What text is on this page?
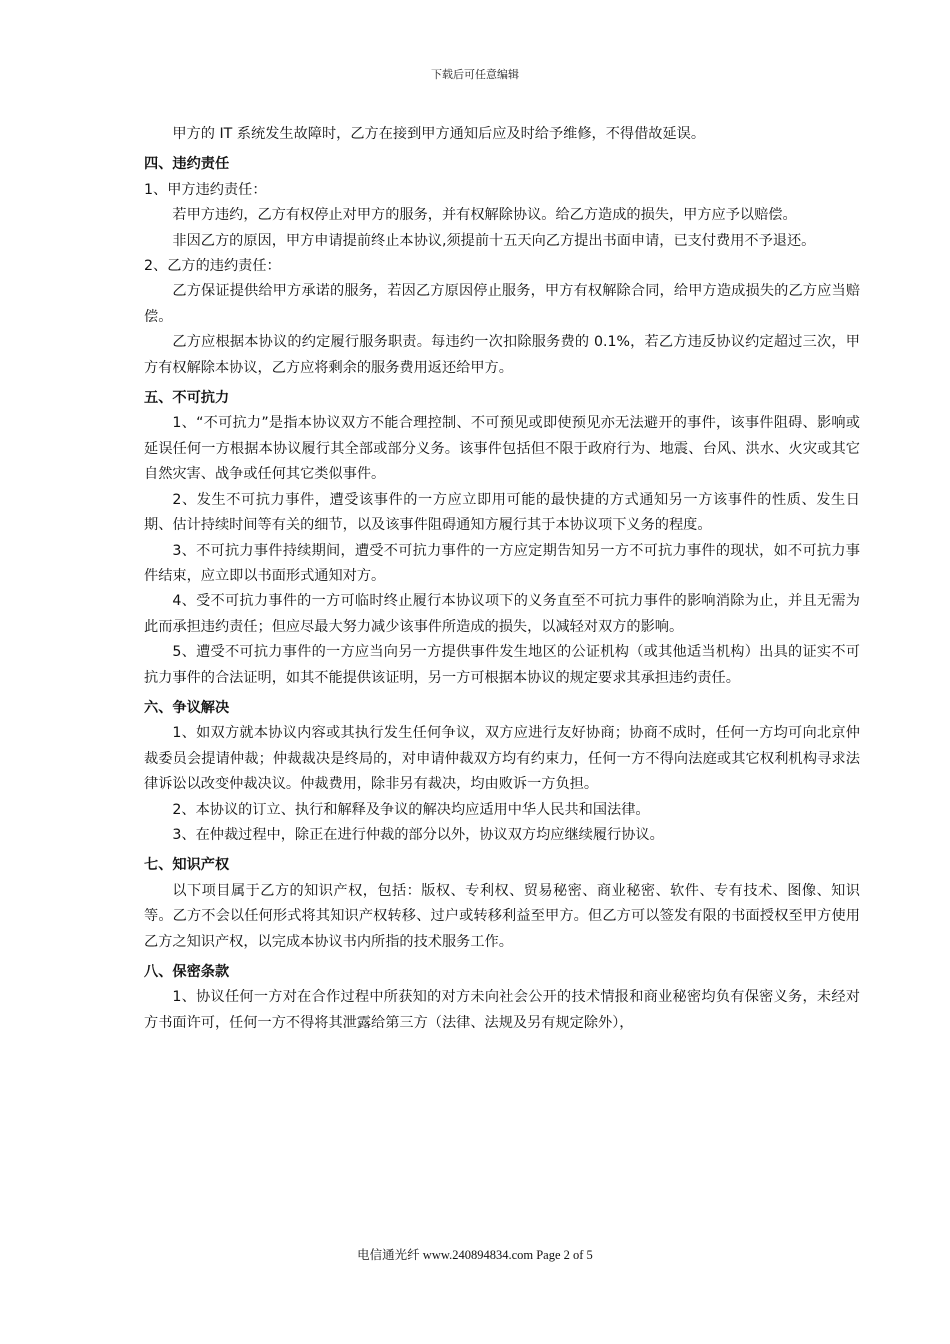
下载后可任意编辑

甲方的 IT 系统发生故障时，乙方在接到甲方通知后应及时给予维修，不得借故延误。

四、违约责任

1、甲方违约责任：

若甲方违约，乙方有权停止对甲方的服务，并有权解除协议。给乙方造成的损失，甲方应予以赔偿。

非因乙方的原因，甲方申请提前终止本协议,须提前十五天向乙方提出书面申请，已支付费用不予退还。

2、乙方的违约责任：

乙方保证提供给甲方承诺的服务，若因乙方原因停止服务，甲方有权解除合同，给甲方造成损失的乙方应当赔偿。

乙方应根据本协议的约定履行服务职责。每违约一次扣除服务费的 0.1%，若乙方违反协议约定超过三次，甲方有权解除本协议，乙方应将剩余的服务费用返还给甲方。

五、不可抗力

1、“不可抗力”是指本协议双方不能合理控制、不可预见或即使预见亦无法避开的事件，该事件阻碍、影响或延误任何一方根据本协议履行其全部或部分义务。该事件包括但不限于政府行为、地震、台风、洪水、火灾或其它自然灾害、战争或任何其它类似事件。

2、发生不可抗力事件，遭受该事件的一方应立即用可能的最快捷的方式通知另一方该事件的性质、发生日期、估计持续时间等有关的细节，以及该事件阻碍通知方履行其于本协议项下义务的程度。

3、不可抗力事件持续期间，遭受不可抗力事件的一方应定期告知另一方不可抗力事件的现状，如不可抗力事件结束，应立即以书面形式通知对方。

4、受不可抗力事件的一方可临时终止履行本协议项下的义务直至不可抗力事件的影响消除为止，并且无需为此而承担违约责任；但应尽最大努力减少该事件所造成的损失，以减轻对双方的影响。

5、遭受不可抗力事件的一方应当向另一方提供事件发生地区的公证机构（或其他适当机构）出具的证实不可抗力事件的合法证明，如其不能提供该证明，另一方可根据本协议的规定要求其承担违约责任。

六、争议解决

1、如双方就本协议内容或其执行发生任何争议，双方应进行友好协商；协商不成时，任何一方均可向北京仲裁委员会提请仲裁；仲裁裁决是终局的，对申请仲裁双方均有约束力，任何一方不得向法庭或其它权利机构寻求法律诉讼以改变仲裁决议。仲裁费用，除非另有裁决，均由败诉一方负担。

2、本协议的订立、执行和解释及争议的解决均应适用中华人民共和国法律。

3、在仲裁过程中，除正在进行仲裁的部分以外，协议双方均应继续履行协议。

七、知识产权

以下项目属于乙方的知识产权，包括：版权、专利权、贸易秘密、商业秘密、软件、专有技术、图像、知识等。乙方不会以任何形式将其知识产权转移、过户或转移利益至甲方。但乙方可以签发有限的书面授权至甲方使用乙方之知识产权，以完成本协议书内所指的技术服务工作。

八、保密条款

1、协议任何一方对在合作过程中所获知的对方未向社会公开的技术情报和商业秘密均负有保密义务，未经对方书面许可，任何一方不得将其泄露给第三方（法律、法规及另有规定除外），

电信通光纤 www.240894834.com Page 2 of 5
